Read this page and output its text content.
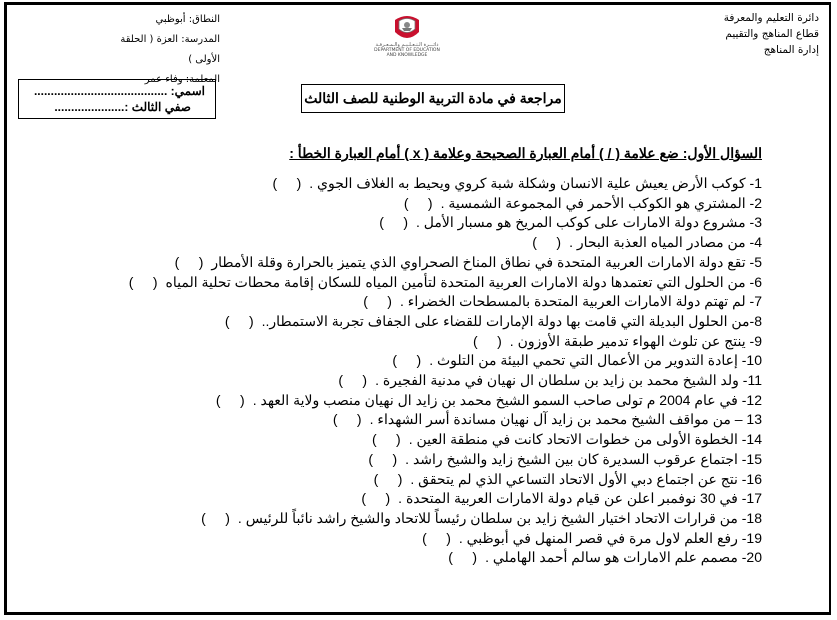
دائرة التعليم والمعرفة
قطاع المناهج والتقييم
إدارة المناهج
دائـــرة الـتـعـلـيـم والـمـعـرفـة
DEPARTMENT OF EDUCATION
AND KNOWLEDGE
النطاق: أبوظبي
المدرسة: العزة ( الحلقة الأولى )
المعلمة: وفاء عمر
اسمي: ........................................
صفي الثالث :.....................
مراجعة في مادة التربية الوطنية للصف الثالث
السؤال الأول: ضع علامة ( / ) أمام العبارة الصحيحة وعلامة ( x ) أمام العبارة الخطأ :
1- كوكب الأرض يعيش علية الانسان وشكلة شبة كروي ويحيط به الغلاف الجوي .(     )
2- المشتري هو الكوكب الأحمر في المجموعة الشمسية .(     )
3- مشروع دولة الامارات على كوكب المريخ هو مسبار الأمل .(     )
4- من مصادر المياه العذبة البحار .(     )
5- تقع دولة الامارات العربية المتحدة في نطاق المناخ الصحراوي الذي يتميز بالحرارة وقلة الأمطار(     )
6- من الحلول التي تعتمدها دولة الامارات العربية المتحدة لتأمين المياه للسكان إقامة محطات تحلية المياه(     )
7- لم تهتم دولة الامارات العربية المتحدة بالمسطحات الخضراء .(     )
8-من الحلول البديلة التي قامت بها دولة الإمارات للقضاء على الجفاف تجربة الاستمطار..(     )
9- ينتج عن تلوث الهواء تدمير طبقة الأوزون .(     )
10- إعادة التدوير من الأعمال التي تحمي البيئة من التلوث .(     )
11- ولد الشيخ محمد بن زايد بن سلطان ال نهيان في مدنية الفجيرة .(     )
12- في عام 2004 م تولى صاحب السمو الشيخ محمد بن زايد ال نهيان منصب ولاية العهد .(     )
13 – من مواقف الشيخ محمد بن زايد آل نهيان مساندة أسر الشهداء .(     )
14- الخطوة الأولى من خطوات الاتحاد كانت في منطقة العين .(     )
15- اجتماع عرقوب السديرة كان بين الشيخ زايد والشيخ راشد .(     )
16- نتج عن اجتماع دبي الأول الاتحاد التساعي الذي لم يتحقق .(     )
17- في 30 نوفمبر اعلن عن قيام دولة الامارات العربية المتحدة .(     )
18- من قرارات الاتحاد اختيار الشيخ زايد بن سلطان رئيساً للاتحاد والشيخ راشد نائباً للرئيس .(     )
19- رفع العلم لاول مرة في قصر المنهل في أبوظبي .(     )
20- مصمم علم الامارات هو سالم أحمد الهاملي .(     )
